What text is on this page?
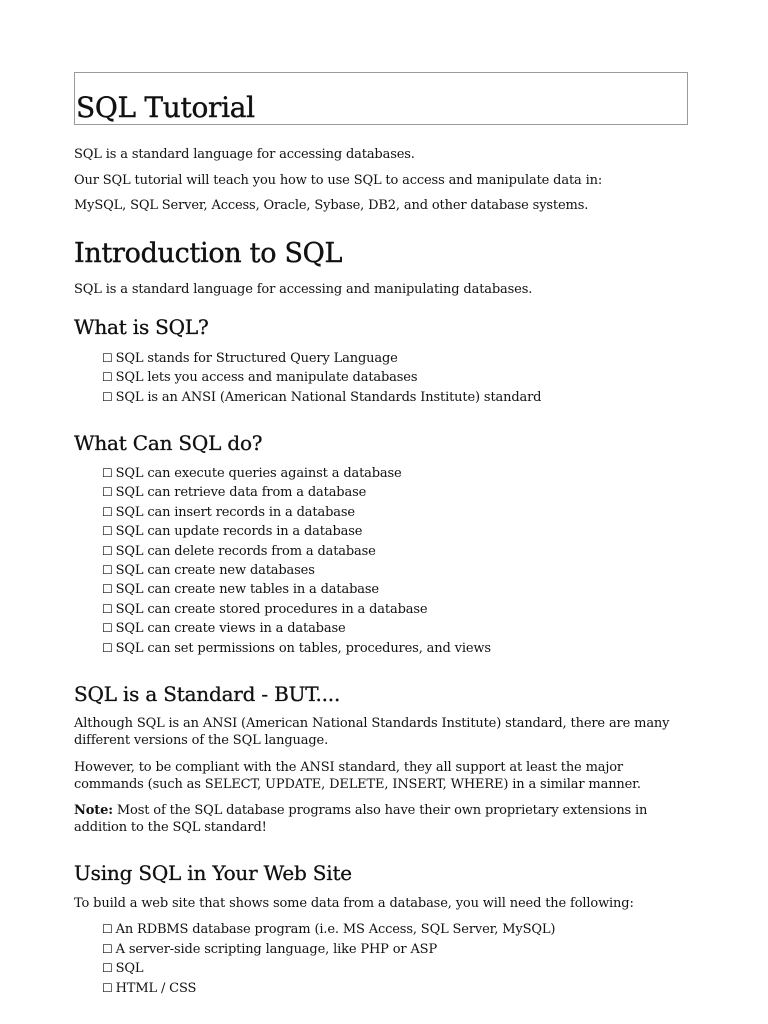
SQL Tutorial

SQL is a standard language for accessing databases.

Our SQL tutorial will teach you how to use SQL to access and manipulate data in:

MySQL, SQL Server, Access, Oracle, Sybase, DB2, and other database systems.

Introduction to SQL

SQL is a standard language for accessing and manipulating databases.

What is SQL?
☐ SQL stands for Structured Query Language
☐ SQL lets you access and manipulate databases
☐ SQL is an ANSI (American National Standards Institute) standard
What Can SQL do?
☐ SQL can execute queries against a database
☐ SQL can retrieve data from a database
☐ SQL can insert records in a database
☐ SQL can update records in a database
☐ SQL can delete records from a database
☐ SQL can create new databases
☐ SQL can create new tables in a database
☐ SQL can create stored procedures in a database
☐ SQL can create views in a database
☐ SQL can set permissions on tables, procedures, and views
SQL is a Standard - BUT....

Although SQL is an ANSI (American National Standards Institute) standard, there are many different versions of the SQL language.

However, to be compliant with the ANSI standard, they all support at least the major commands (such as SELECT, UPDATE, DELETE, INSERT, WHERE) in a similar manner.

Note: Most of the SQL database programs also have their own proprietary extensions in addition to the SQL standard!

Using SQL in Your Web Site

To build a web site that shows some data from a database, you will need the following:

☐ An RDBMS database program (i.e. MS Access, SQL Server, MySQL)
☐ A server-side scripting language, like PHP or ASP
☐ SQL
☐ HTML / CSS
